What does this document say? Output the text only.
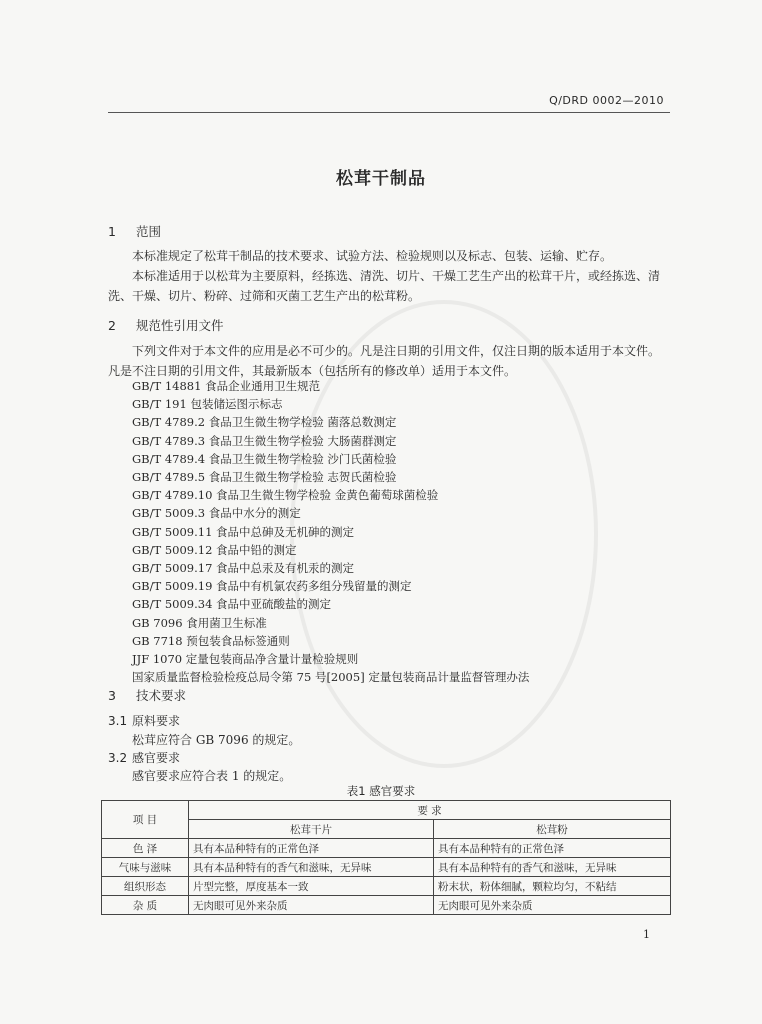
Q/DRD 0002—2010
松茸干制品
1 范围

本标准规定了松茸干制品的技术要求、试验方法、检验规则以及标志、包装、运输、贮存。

本标准适用于以松茸为主要原料，经拣选、清洗、切片、干燥工艺生产出的松茸干片，或经拣选、清洗、干燥、切片、粉碎、过筛和灭菌工艺生产出的松茸粉。

2 规范性引用文件

下列文件对于本文件的应用是必不可少的。凡是注日期的引用文件，仅注日期的版本适用于本文件。凡是不注日期的引用文件，其最新版本（包括所有的修改单）适用于本文件。

GB/T 14881 食品企业通用卫生规范
GB/T 191 包装储运图示标志
GB/T 4789.2 食品卫生微生物学检验 菌落总数测定
GB/T 4789.3 食品卫生微生物学检验 大肠菌群测定
GB/T 4789.4 食品卫生微生物学检验 沙门氏菌检验
GB/T 4789.5 食品卫生微生物学检验 志贺氏菌检验
GB/T 4789.10 食品卫生微生物学检验 金黄色葡萄球菌检验
GB/T 5009.3 食品中水分的测定
GB/T 5009.11 食品中总砷及无机砷的测定
GB/T 5009.12 食品中铅的测定
GB/T 5009.17 食品中总汞及有机汞的测定
GB/T 5009.19 食品中有机氯农药多组分残留量的测定
GB/T 5009.34 食品中亚硫酸盐的测定
GB 7096 食用菌卫生标准
GB 7718 预包装食品标签通则
JJF 1070 定量包装商品净含量计量检验规则
国家质量监督检验检疫总局令第 75 号[2005] 定量包装商品计量监督管理办法
3 技术要求
3.1 原料要求
松茸应符合 GB 7096 的规定。
3.2 感官要求
感官要求应符合表 1 的规定。
表1 感官要求
项 目	要 求	
	松茸干片	松茸粉
色 泽	具有本品种特有的正常色泽	具有本品种特有的正常色泽
气味与滋味	具有本品种特有的香气和滋味，无异味	具有本品种特有的香气和滋味，无异味
组织形态	片型完整，厚度基本一致	粉末状，粉体细腻，颗粒均匀，不粘结
杂 质	无肉眼可见外来杂质	无肉眼可见外来杂质
1
